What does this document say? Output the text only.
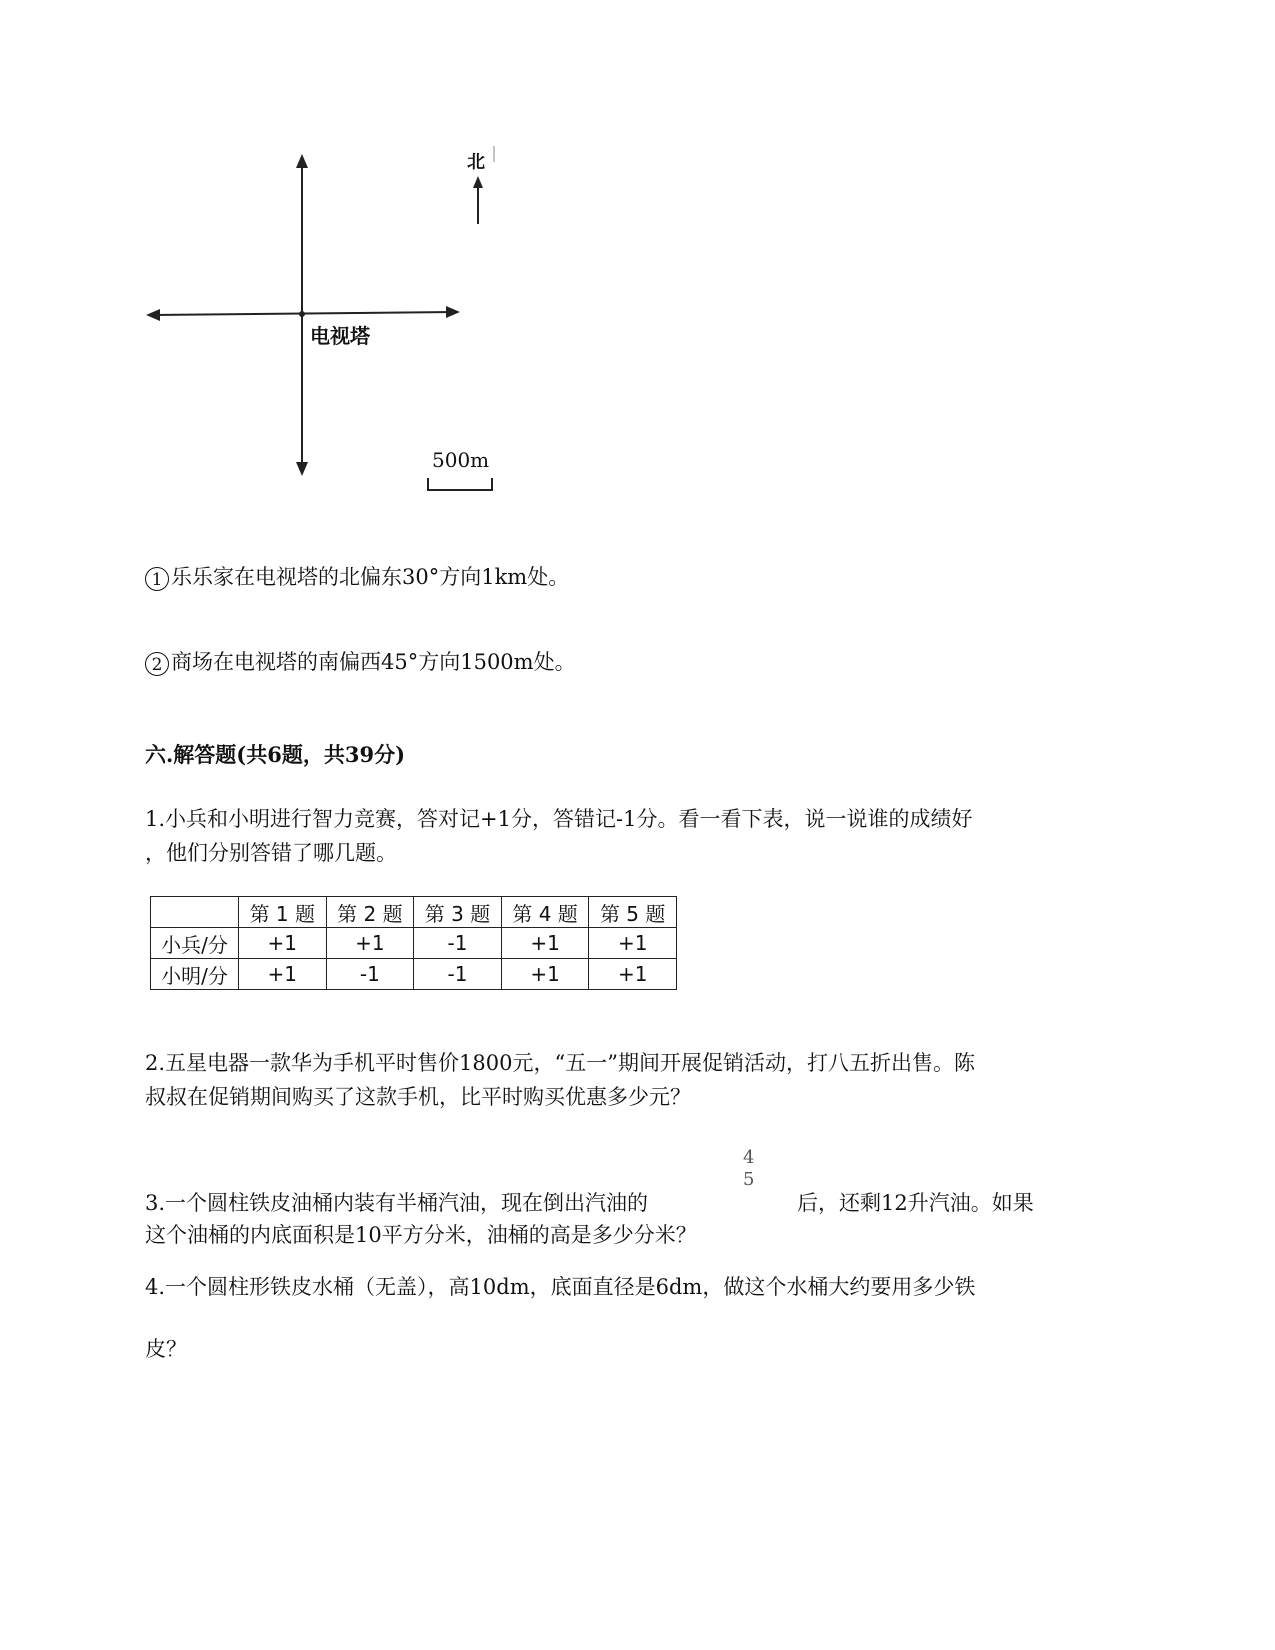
北
电视塔
500m
1 乐乐家在电视塔的北偏东30°方向1km处。
2 商场在电视塔的南偏西45°方向1500m处。
六.解答题(共6题，共39分)
1.小兵和小明进行智力竞赛，答对记+1分，答错记-1分。看一看下表，说一说谁的成绩好
，他们分别答错了哪几题。
	第 1 题	第 2 题	第 3 题	第 4 题	第 5 题
小兵/分	+1	+1	-1	+1	+1
小明/分	+1	-1	-1	+1	+1
2.五星电器一款华为手机平时售价1800元，“五一”期间开展促销活动，打八五折出售。陈
叔叔在促销期间购买了这款手机，比平时购买优惠多少元？
3.一个圆柱铁皮油桶内装有半桶汽油，现在倒出汽油的
4
5
后，还剩12升汽油。如果
这个油桶的内底面积是10平方分米，油桶的高是多少分米？
4.一个圆柱形铁皮水桶（无盖），高10dm，底面直径是6dm，做这个水桶大约要用多少铁
皮？
